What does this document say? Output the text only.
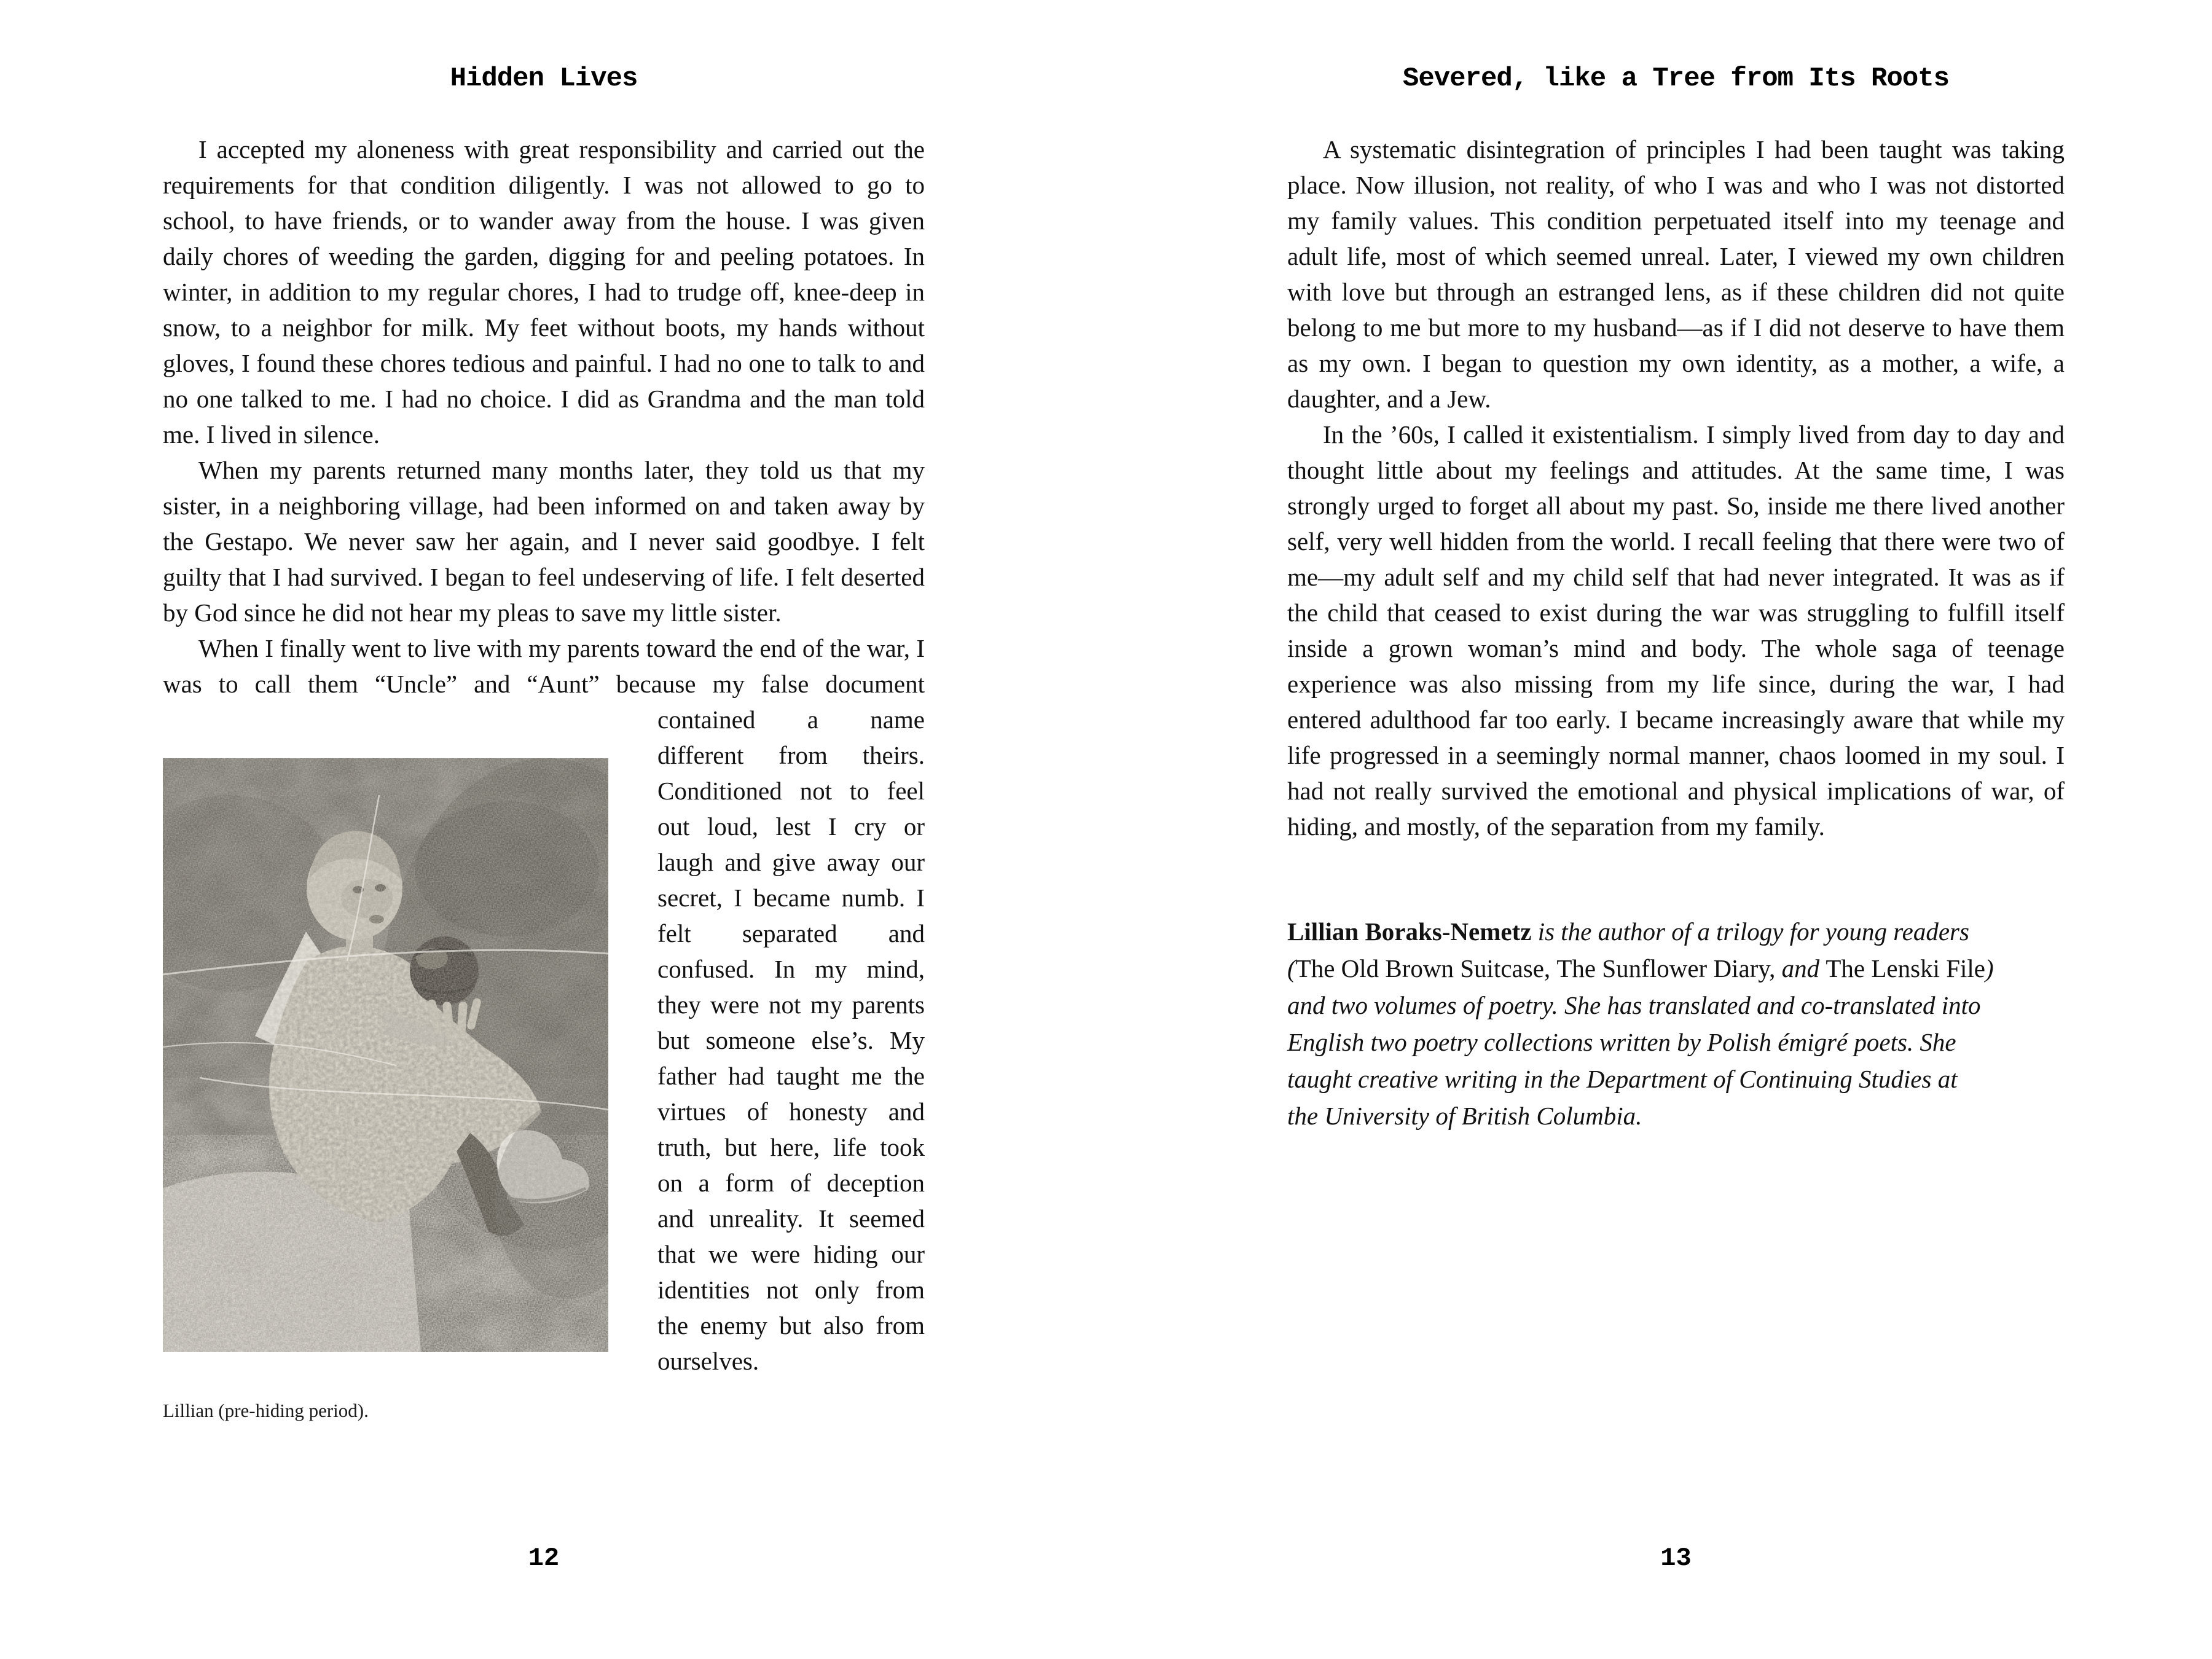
Hidden Lives

I accepted my aloneness with great responsibility and carried out the requirements for that condition diligently. I was not allowed to go to school, to have friends, or to wander away from the house. I was given daily chores of weeding the garden, digging for and peeling potatoes. In winter, in addition to my regular chores, I had to trudge off, knee-deep in snow, to a neighbor for milk. My feet without boots, my hands without gloves, I found these chores tedious and painful. I had no one to talk to and no one talked to me. I had no choice. I did as Grandma and the man told me. I lived in silence.

When my parents returned many months later, they told us that my sister, in a neighboring village, had been informed on and taken away by the Gestapo. We never saw her again, and I never said goodbye. I felt guilty that I had survived. I began to feel undeserving of life. I felt deserted by God since he did not hear my pleas to save my little sister.

When I finally went to live with my parents toward the end of the war, I was to call them “Uncle” and “Aunt” because my false
document contained a name different from theirs. Conditioned not to feel out loud, lest I cry or laugh and give away our secret, I became numb. I felt separated and confused. In my mind, they were not my parents but someone else’s. My father had taught me the virtues of honesty and truth, but here, life took on a form of deception and unreality. It seemed that we were hiding our identities not only from the enemy but also from ourselves.

Lillian (pre-hiding period).
12
Severed, like a Tree from Its Roots

A systematic disintegration of principles I had been taught was taking place. Now illusion, not reality, of who I was and who I was not distorted my family values. This condition perpetuated itself into my teenage and adult life, most of which seemed unreal. Later, I viewed my own children with love but through an estranged lens, as if these children did not quite belong to me but more to my husband—as if I did not deserve to have them as my own. I began to question my own identity, as a mother, a wife, a daughter, and a Jew.

In the ’60s, I called it existentialism. I simply lived from day to day and thought little about my feelings and attitudes. At the same time, I was strongly urged to forget all about my past. So, inside me there lived another self, very well hidden from the world. I recall feeling that there were two of me—my adult self and my child self that had never integrated. It was as if the child that ceased to exist during the war was struggling to fulfill itself inside a grown woman’s mind and body. The whole saga of teenage experience was also missing from my life since, during the war, I had entered adulthood far too early. I became increasingly aware that while my life progressed in a seemingly normal manner, chaos loomed in my soul. I had not really survived the emotional and physical implications of war, of hiding, and mostly, of the separation from my family.

Lillian Boraks-Nemetz is the author of a trilogy for young readers (The Old Brown Suitcase, The Sunflower Diary, and The Lenski File) and two volumes of poetry. She has translated and co-translated into English two poetry collections written by Polish émigré poets. She taught creative writing in the Department of Continuing Studies at the University of British Columbia.
13
